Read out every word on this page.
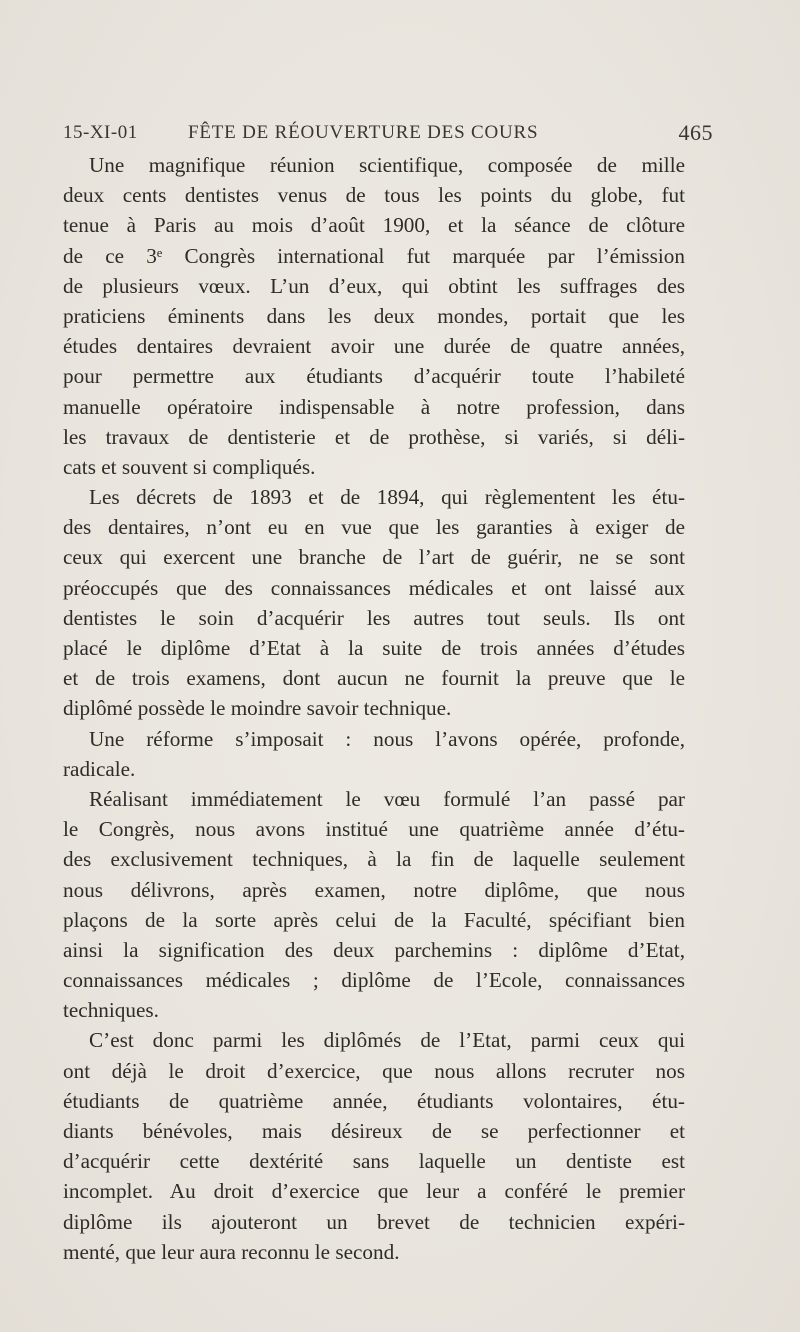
15-XI-01	FÊTE DE RÉOUVERTURE DES COURS	465
Une magnifique réunion scientifique, composée de mille
deux cents dentistes venus de tous les points du globe, fut
tenue à Paris au mois d’août 1900, et la séance de clôture
de ce 3ᵉ Congrès international fut marquée par l’émission
de plusieurs vœux. L’un d’eux, qui obtint les suffrages des
praticiens éminents dans les deux mondes, portait que les
études dentaires devraient avoir une durée de quatre années,
pour permettre aux étudiants d’acquérir toute l’habileté
manuelle opératoire indispensable à notre profession, dans
les travaux de dentisterie et de prothèse, si variés, si déli-
cats et souvent si compliqués.
Les décrets de 1893 et de 1894, qui règlementent les étu-
des dentaires, n’ont eu en vue que les garanties à exiger de
ceux qui exercent une branche de l’art de guérir, ne se sont
préoccupés que des connaissances médicales et ont laissé aux
dentistes le soin d’acquérir les autres tout seuls. Ils ont
placé le diplôme d’Etat à la suite de trois années d’études
et de trois examens, dont aucun ne fournit la preuve que le
diplômé possède le moindre savoir technique.
Une réforme s’imposait : nous l’avons opérée, profonde,
radicale.
Réalisant immédiatement le vœu formulé l’an passé par
le Congrès, nous avons institué une quatrième année d’étu-
des exclusivement techniques, à la fin de laquelle seulement
nous délivrons, après examen, notre diplôme, que nous
plaçons de la sorte après celui de la Faculté, spécifiant bien
ainsi la signification des deux parchemins : diplôme d’Etat,
connaissances médicales ; diplôme de l’Ecole, connaissances
techniques.
C’est donc parmi les diplômés de l’Etat, parmi ceux qui
ont déjà le droit d’exercice, que nous allons recruter nos
étudiants de quatrième année, étudiants volontaires, étu-
diants bénévoles, mais désireux de se perfectionner et
d’acquérir cette dextérité sans laquelle un dentiste est
incomplet. Au droit d’exercice que leur a conféré le premier
diplôme ils ajouteront un brevet de technicien expéri-
menté, que leur aura reconnu le second.
